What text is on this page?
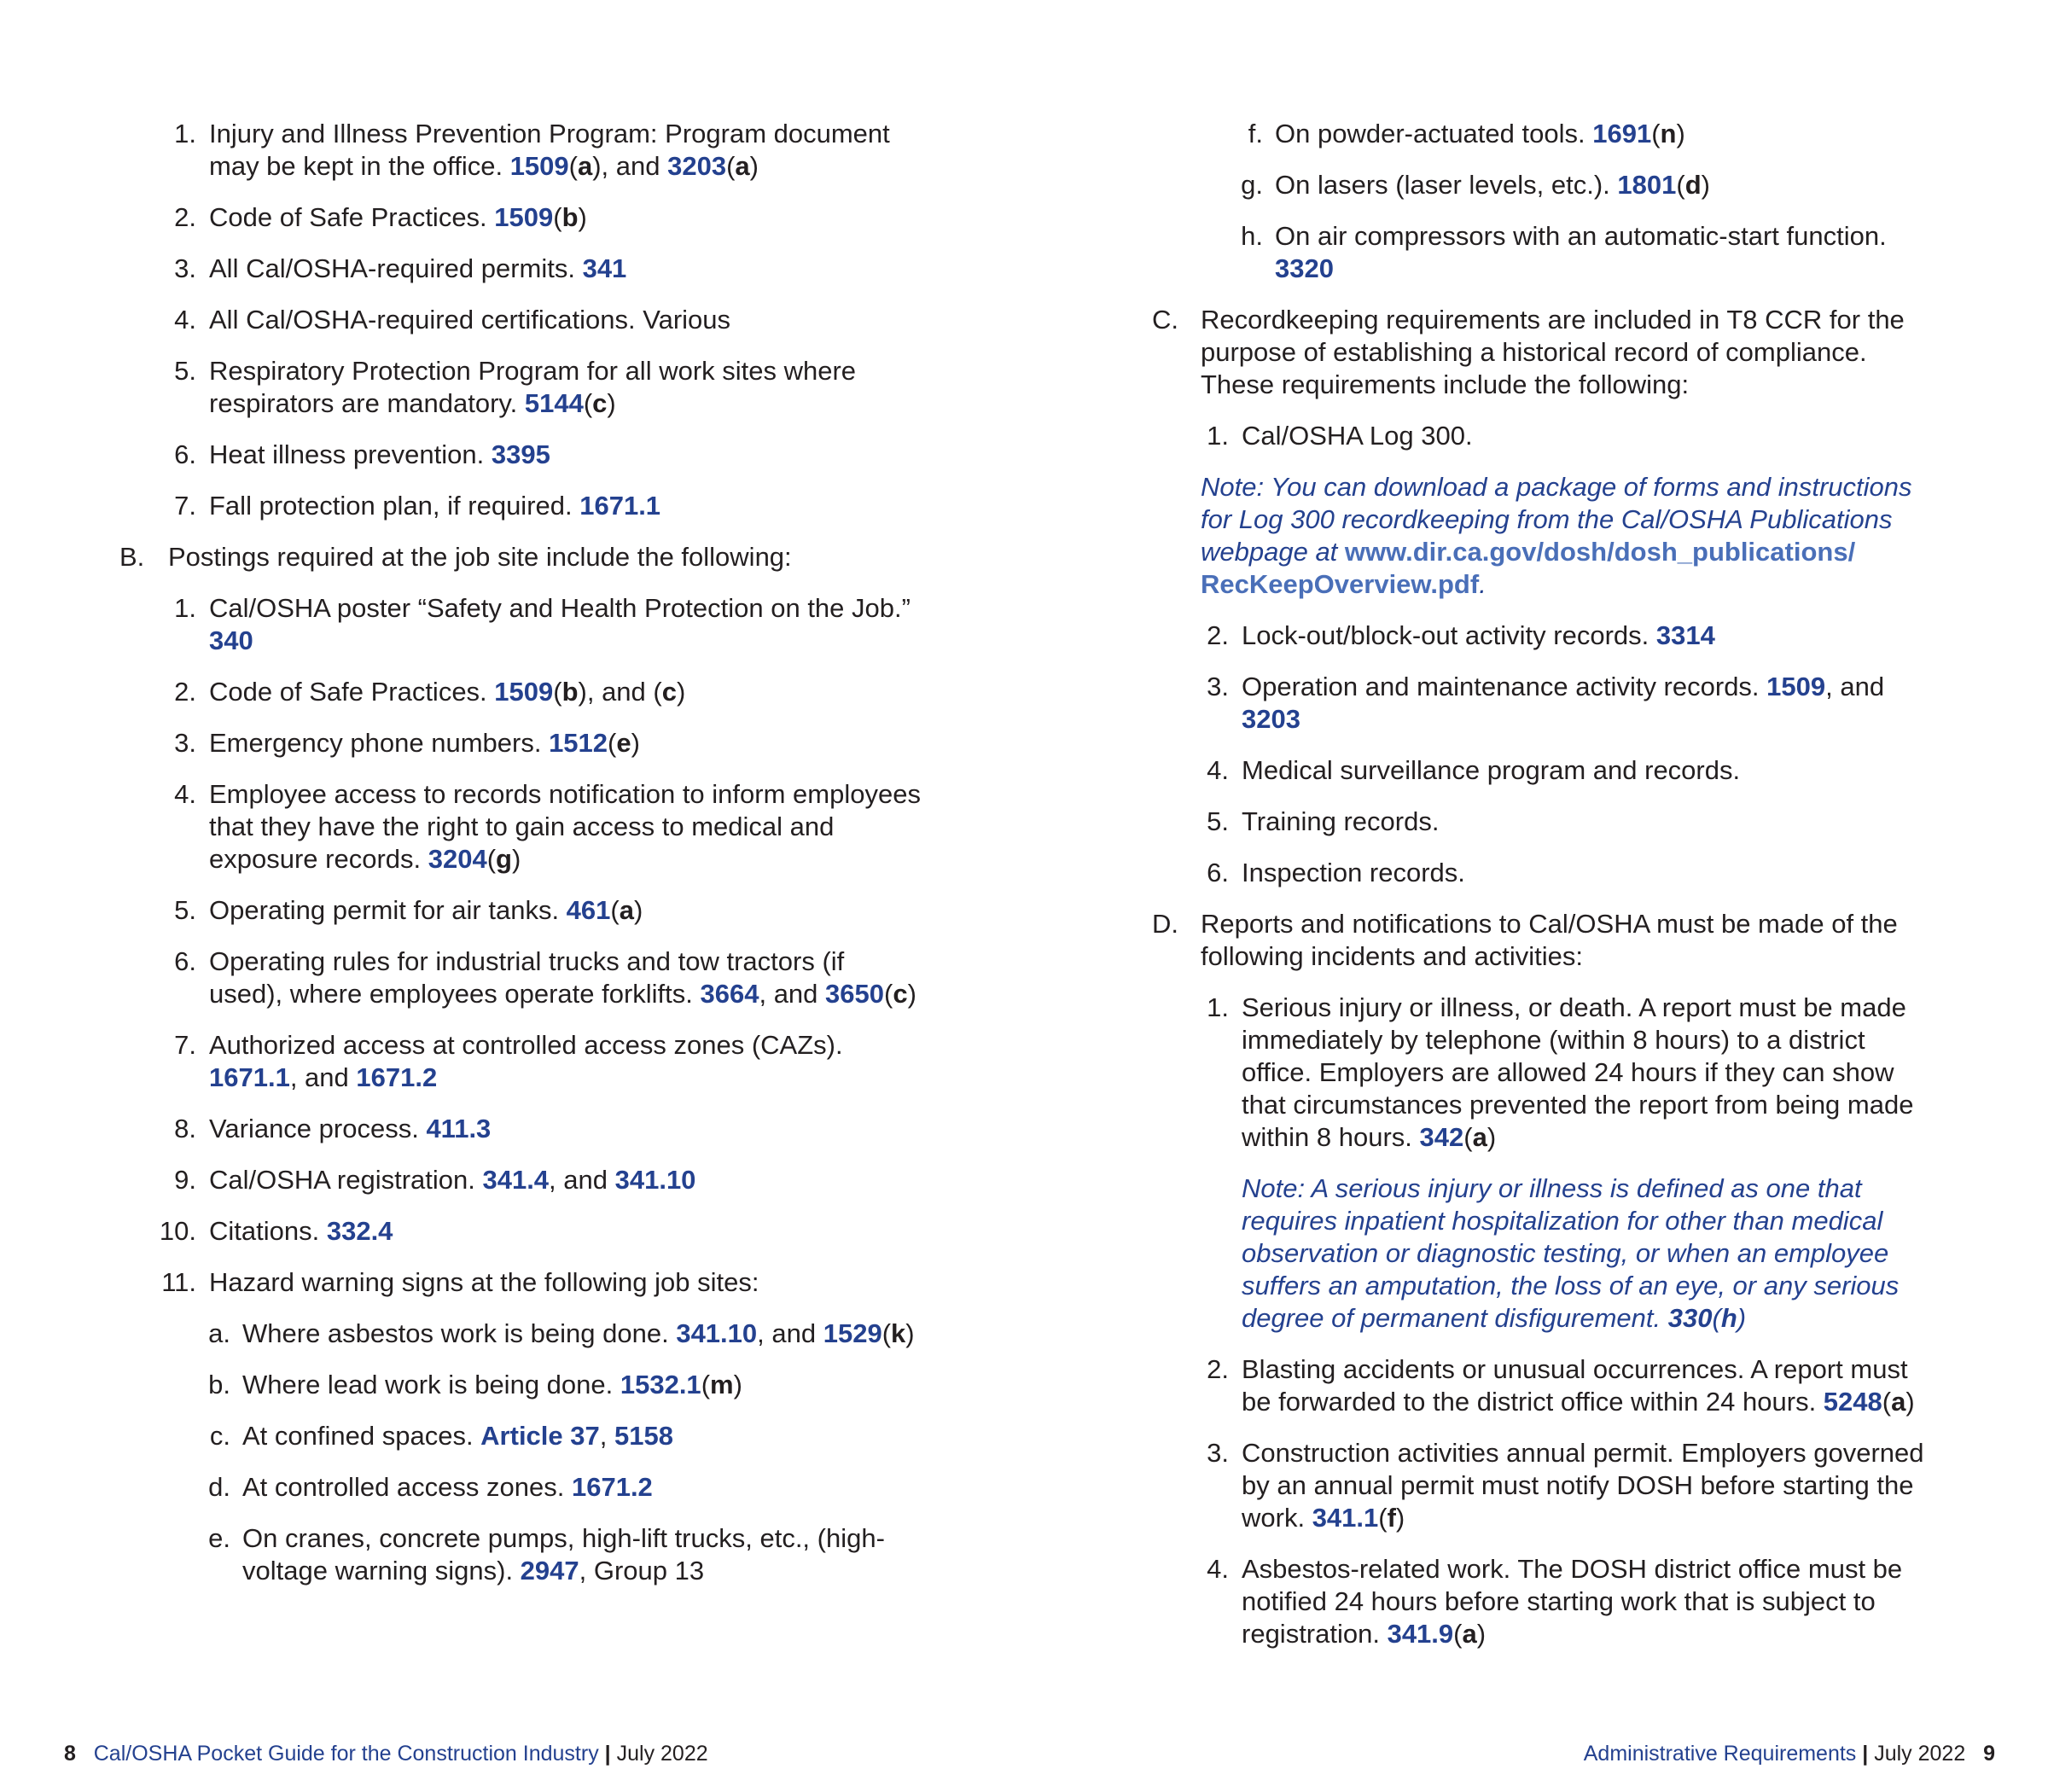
1. Injury and Illness Prevention Program: Program document may be kept in the office. 1509(a), and 3203(a)
2. Code of Safe Practices. 1509(b)
3. All Cal/OSHA-required permits. 341
4. All Cal/OSHA-required certifications. Various
5. Respiratory Protection Program for all work sites where respirators are mandatory. 5144(c)
6. Heat illness prevention. 3395
7. Fall protection plan, if required. 1671.1
B. Postings required at the job site include the following:
1. Cal/OSHA poster “Safety and Health Protection on the Job.” 340
2. Code of Safe Practices. 1509(b), and (c)
3. Emergency phone numbers. 1512(e)
4. Employee access to records notification to inform employees that they have the right to gain access to medical and exposure records. 3204(g)
5. Operating permit for air tanks. 461(a)
6. Operating rules for industrial trucks and tow tractors (if used), where employees operate forklifts. 3664, and 3650(c)
7. Authorized access at controlled access zones (CAZs). 1671.1, and 1671.2
8. Variance process. 411.3
9. Cal/OSHA registration. 341.4, and 341.10
10. Citations. 332.4
11. Hazard warning signs at the following job sites:
a. Where asbestos work is being done. 341.10, and 1529(k)
b. Where lead work is being done. 1532.1(m)
c. At confined spaces. Article 37, 5158
d. At controlled access zones. 1671.2
e. On cranes, concrete pumps, high-lift trucks, etc., (high-voltage warning signs). 2947, Group 13
f. On powder-actuated tools. 1691(n)
g. On lasers (laser levels, etc.). 1801(d)
h. On air compressors with an automatic-start function. 3320
C. Recordkeeping requirements are included in T8 CCR for the purpose of establishing a historical record of compliance. These requirements include the following:
1. Cal/OSHA Log 300.
Note: You can download a package of forms and instructions for Log 300 recordkeeping from the Cal/OSHA Publications webpage at www.dir.ca.gov/dosh/dosh_publications/ RecKeepOverview.pdf.
2. Lock-out/block-out activity records. 3314
3. Operation and maintenance activity records. 1509, and 3203
4. Medical surveillance program and records.
5. Training records.
6. Inspection records.
D. Reports and notifications to Cal/OSHA must be made of the following incidents and activities:
1. Serious injury or illness, or death. A report must be made immediately by telephone (within 8 hours) to a district office. Employers are allowed 24 hours if they can show that circumstances prevented the report from being made within 8 hours. 342(a)
Note: A serious injury or illness is defined as one that requires inpatient hospitalization for other than medical observation or diagnostic testing, or when an employee suffers an amputation, the loss of an eye, or any serious degree of permanent disfigurement. 330(h)
2. Blasting accidents or unusual occurrences. A report must be forwarded to the district office within 24 hours. 5248(a)
3. Construction activities annual permit. Employers governed by an annual permit must notify DOSH before starting the work. 341.1(f)
4. Asbestos-related work. The DOSH district office must be notified 24 hours before starting work that is subject to registration. 341.9(a)
8 Cal/OSHA Pocket Guide for the Construction Industry | July 2022	Administrative Requirements | July 2022 9
